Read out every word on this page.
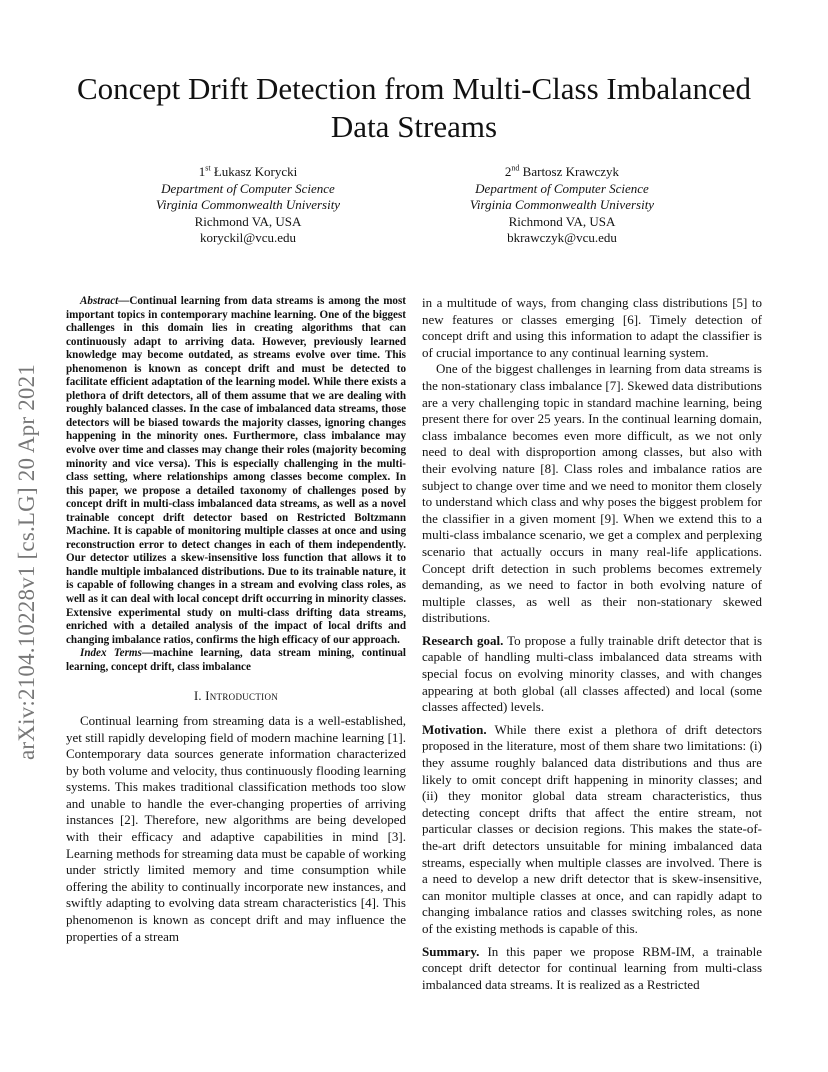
arXiv:2104.10228v1 [cs.LG] 20 Apr 2021
Concept Drift Detection from Multi-Class Imbalanced Data Streams
1st Łukasz Korycki
Department of Computer Science
Virginia Commonwealth University
Richmond VA, USA
koryckil@vcu.edu
2nd Bartosz Krawczyk
Department of Computer Science
Virginia Commonwealth University
Richmond VA, USA
bkrawczyk@vcu.edu

Abstract—Continual learning from data streams is among the most important topics in contemporary machine learning. One of the biggest challenges in this domain lies in creating algorithms that can continuously adapt to arriving data. However, previously learned knowledge may become outdated, as streams evolve over time. This phenomenon is known as concept drift and must be detected to facilitate efficient adaptation of the learning model. While there exists a plethora of drift detectors, all of them assume that we are dealing with roughly balanced classes. In the case of imbalanced data streams, those detectors will be biased towards the majority classes, ignoring changes happening in the minority ones. Furthermore, class imbalance may evolve over time and classes may change their roles (majority becoming minority and vice versa). This is especially challenging in the multi-class setting, where relationships among classes become complex. In this paper, we propose a detailed taxonomy of challenges posed by concept drift in multi-class imbalanced data streams, as well as a novel trainable concept drift detector based on Restricted Boltzmann Machine. It is capable of monitoring multiple classes at once and using reconstruction error to detect changes in each of them independently. Our detector utilizes a skew-insensitive loss function that allows it to handle multiple imbalanced distributions. Due to its trainable nature, it is capable of following changes in a stream and evolving class roles, as well as it can deal with local concept drift occurring in minority classes. Extensive experimental study on multi-class drifting data streams, enriched with a detailed analysis of the impact of local drifts and changing imbalance ratios, confirms the high efficacy of our approach.

Index Terms—machine learning, data stream mining, continual learning, concept drift, class imbalance

I. Introduction

Continual learning from streaming data is a well-established, yet still rapidly developing field of modern machine learning [1]. Contemporary data sources generate information characterized by both volume and velocity, thus continuously flooding learning systems. This makes traditional classification methods too slow and unable to handle the ever-changing properties of arriving instances [2]. Therefore, new algorithms are being developed with their efficacy and adaptive capabilities in mind [3]. Learning methods for streaming data must be capable of working under strictly limited memory and time consumption while offering the ability to continually incorporate new instances, and swiftly adapting to evolving data stream characteristics [4]. This phenomenon is known as concept drift and may influence the properties of a stream

in a multitude of ways, from changing class distributions [5] to new features or classes emerging [6]. Timely detection of concept drift and using this information to adapt the classifier is of crucial importance to any continual learning system.

One of the biggest challenges in learning from data streams is the non-stationary class imbalance [7]. Skewed data distributions are a very challenging topic in standard machine learning, being present there for over 25 years. In the continual learning domain, class imbalance becomes even more difficult, as we not only need to deal with disproportion among classes, but also with their evolving nature [8]. Class roles and imbalance ratios are subject to change over time and we need to monitor them closely to understand which class and why poses the biggest problem for the classifier in a given moment [9]. When we extend this to a multi-class imbalance scenario, we get a complex and perplexing scenario that actually occurs in many real-life applications. Concept drift detection in such problems becomes extremely demanding, as we need to factor in both evolving nature of multiple classes, as well as their non-stationary skewed distributions.

Research goal. To propose a fully trainable drift detector that is capable of handling multi-class imbalanced data streams with special focus on evolving minority classes, and with changes appearing at both global (all classes affected) and local (some classes affected) levels.

Motivation. While there exist a plethora of drift detectors proposed in the literature, most of them share two limitations: (i) they assume roughly balanced data distributions and thus are likely to omit concept drift happening in minority classes; and (ii) they monitor global data stream characteristics, thus detecting concept drifts that affect the entire stream, not particular classes or decision regions. This makes the state-of-the-art drift detectors unsuitable for mining imbalanced data streams, especially when multiple classes are involved. There is a need to develop a new drift detector that is skew-insensitive, can monitor multiple classes at once, and can rapidly adapt to changing imbalance ratios and classes switching roles, as none of the existing methods is capable of this.

Summary. In this paper we propose RBM-IM, a trainable concept drift detector for continual learning from multi-class imbalanced data streams. It is realized as a Restricted
